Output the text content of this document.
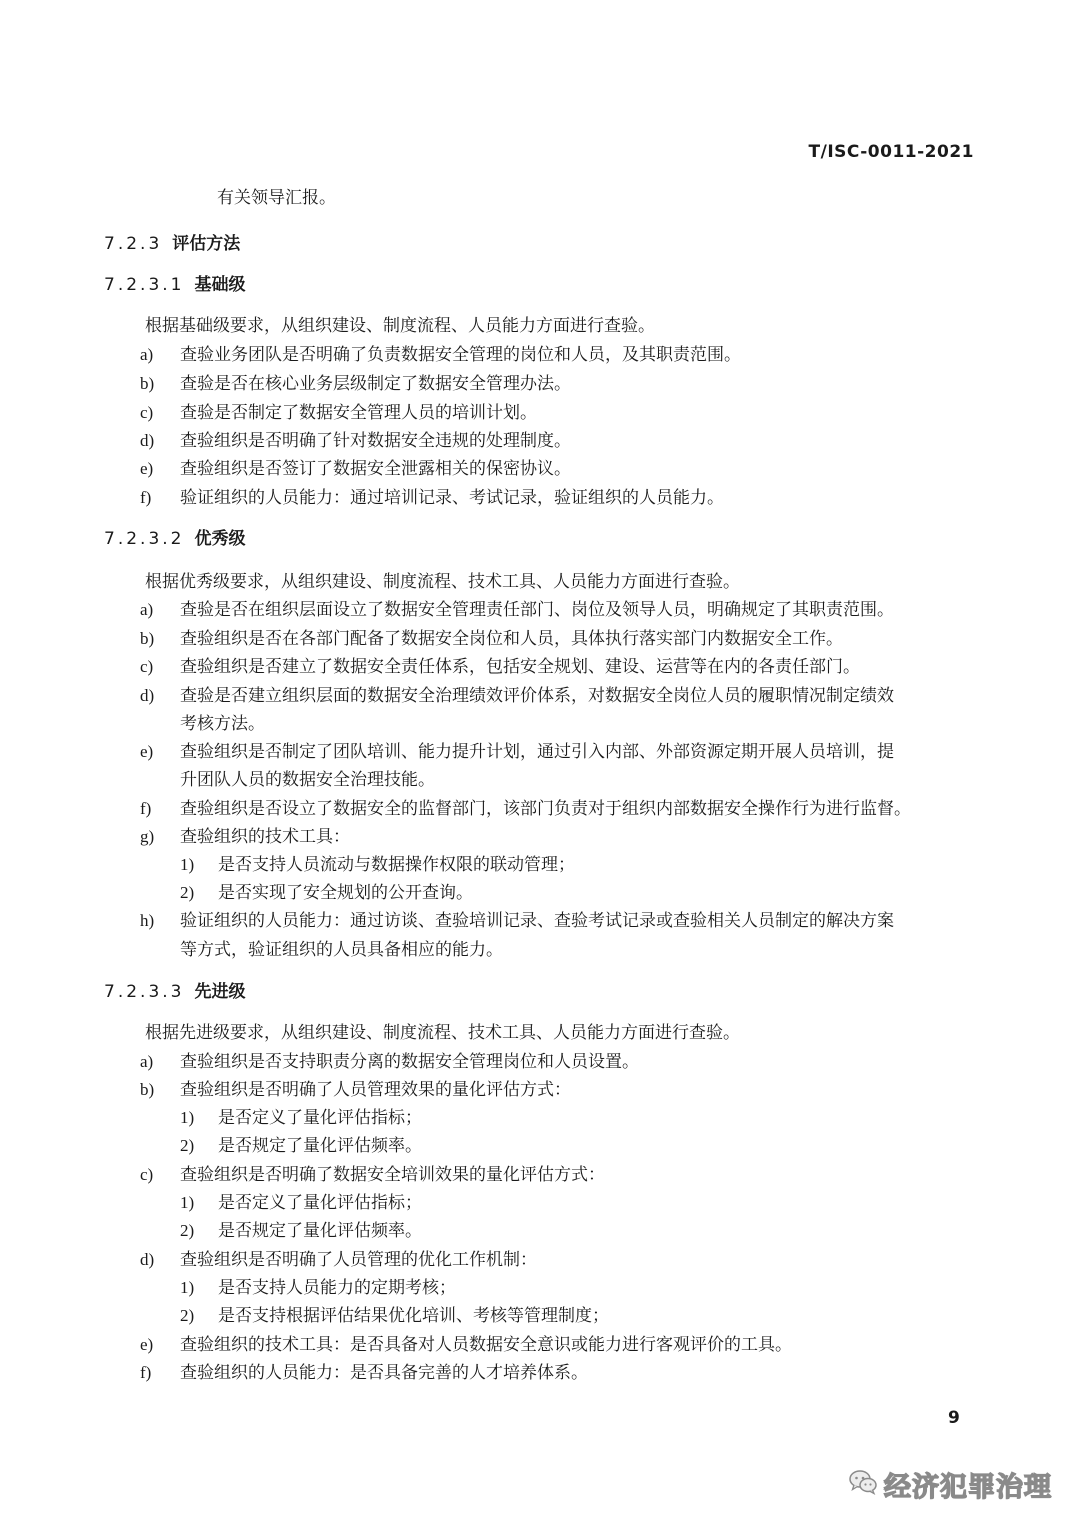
T/ISC-0011-2021
有关领导汇报。
7.2.3 评估方法
7.2.3.1 基础级
根据基础级要求，从组织建设、制度流程、人员能力方面进行查验。
a) 查验业务团队是否明确了负责数据安全管理的岗位和人员，及其职责范围。
b) 查验是否在核心业务层级制定了数据安全管理办法。
c) 查验是否制定了数据安全管理人员的培训计划。
d) 查验组织是否明确了针对数据安全违规的处理制度。
e) 查验组织是否签订了数据安全泄露相关的保密协议。
f) 验证组织的人员能力：通过培训记录、考试记录，验证组织的人员能力。
7.2.3.2 优秀级
根据优秀级要求，从组织建设、制度流程、技术工具、人员能力方面进行查验。
a) 查验是否在组织层面设立了数据安全管理责任部门、岗位及领导人员，明确规定了其职责范围。
b) 查验组织是否在各部门配备了数据安全岗位和人员，具体执行落实部门内数据安全工作。
c) 查验组织是否建立了数据安全责任体系，包括安全规划、建设、运营等在内的各责任部门。
d) 查验是否建立组织层面的数据安全治理绩效评价体系，对数据安全岗位人员的履职情况制定绩效
考核方法。
e) 查验组织是否制定了团队培训、能力提升计划，通过引入内部、外部资源定期开展人员培训，提
升团队人员的数据安全治理技能。
f) 查验组织是否设立了数据安全的监督部门，该部门负责对于组织内部数据安全操作行为进行监督。
g) 查验组织的技术工具：
1) 是否支持人员流动与数据操作权限的联动管理；
2) 是否实现了安全规划的公开查询。
h) 验证组织的人员能力：通过访谈、查验培训记录、查验考试记录或查验相关人员制定的解决方案
等方式，验证组织的人员具备相应的能力。
7.2.3.3 先进级
根据先进级要求，从组织建设、制度流程、技术工具、人员能力方面进行查验。
a) 查验组织是否支持职责分离的数据安全管理岗位和人员设置。
b) 查验组织是否明确了人员管理效果的量化评估方式：
1) 是否定义了量化评估指标；
2) 是否规定了量化评估频率。
c) 查验组织是否明确了数据安全培训效果的量化评估方式：
1) 是否定义了量化评估指标；
2) 是否规定了量化评估频率。
d) 查验组织是否明确了人员管理的优化工作机制：
1) 是否支持人员能力的定期考核；
2) 是否支持根据评估结果优化培训、考核等管理制度；
e) 查验组织的技术工具：是否具备对人员数据安全意识或能力进行客观评价的工具。
f) 查验组织的人员能力：是否具备完善的人才培养体系。
9
经济犯罪治理
